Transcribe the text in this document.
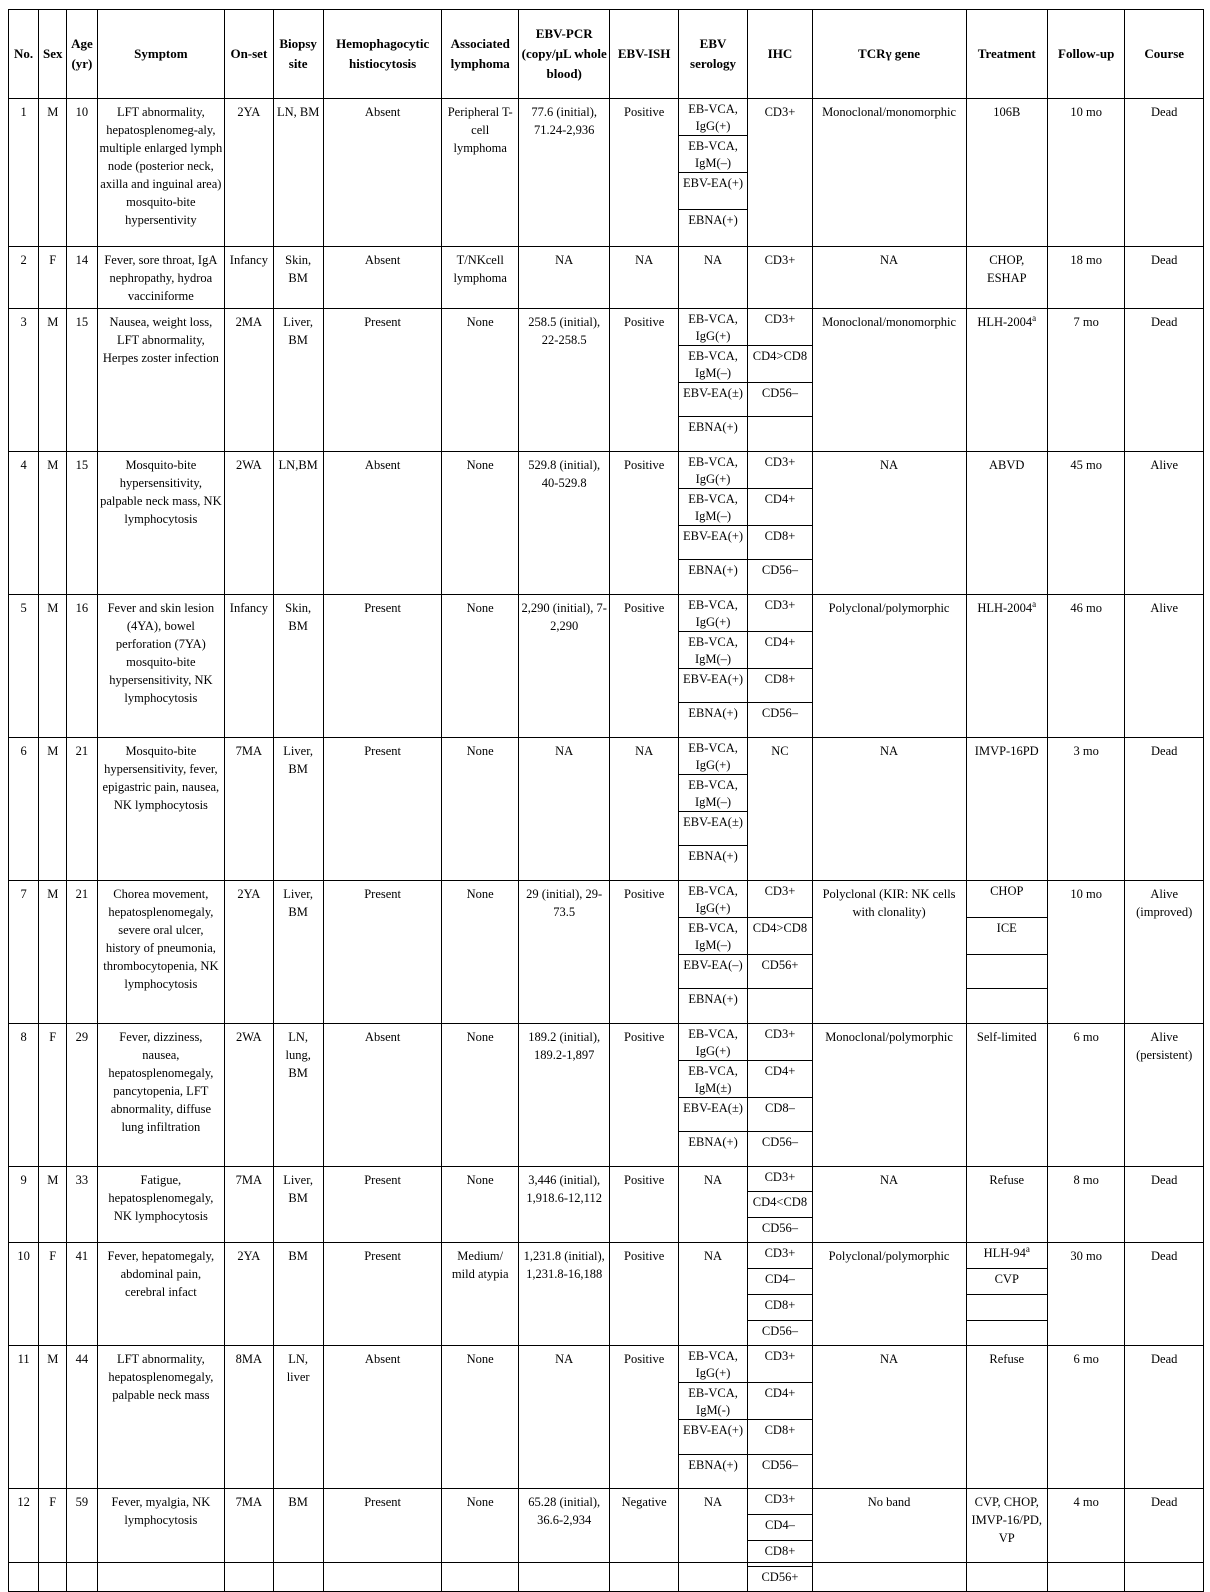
No.	Sex	Age (yr)	Symptom	On-set	Biopsy site	Hemophagocytic histiocytosis	Associated lymphoma	EBV-PCR (copy/µL whole blood)	EBV-ISH	EBV serology	IHC	TCRγ gene	Treatment	Follow-up	Course
1	M	10	LFT abnormality, hepatosplenomeg-aly, multiple enlarged lymph node (posterior neck, axilla and inguinal area) mosquito-bite hypersentivity	2YA	LN, BM	Absent	Peripheral T-cell lymphoma	77.6 (initial), 71.24-2,936	Positive	EB-VCA, IgG(+)	CD3+	Monoclonal/monomorphic	106B	10 mo	Dead
										EB-VCA, IgM(–)					
										EBV-EA(+)					
										EBNA(+)					
2	F	14	Fever, sore throat, IgA nephropathy, hydroa vacciniforme	Infancy	Skin, BM	Absent	T/NKcell lymphoma	NA	NA	NA	CD3+	NA	CHOP, ESHAP	18 mo	Dead
3	M	15	Nausea, weight loss, LFT abnormality, Herpes zoster infection	2MA	Liver, BM	Present	None	258.5 (initial), 22-258.5	Positive	EB-VCA, IgG(+)	CD3+	Monoclonal/monomorphic	HLH-2004$^a$	7 mo	Dead
										EB-VCA, IgM(–)	CD4>CD8				
										EBV-EA(±)	CD56–				
										EBNA(+)					
4	M	15	Mosquito-bite hypersensitivity, palpable neck mass, NK lymphocytosis	2WA	LN,BM	Absent	None	529.8 (initial), 40-529.8	Positive	EB-VCA, IgG(+)	CD3+	NA	ABVD	45 mo	Alive
										EB-VCA, IgM(–)	CD4+				
										EBV-EA(+)	CD8+				
										EBNA(+)	CD56–				
5	M	16	Fever and skin lesion (4YA), bowel perforation (7YA) mosquito-bite hypersensitivity, NK lymphocytosis	Infancy	Skin, BM	Present	None	2,290 (initial), 7-2,290	Positive	EB-VCA, IgG(+)	CD3+	Polyclonal/polymorphic	HLH-2004$^a$	46 mo	Alive
										EB-VCA, IgM(–)	CD4+				
										EBV-EA(+)	CD8+				
										EBNA(+)	CD56–				
6	M	21	Mosquito-bite hypersensitivity, fever, epigastric pain, nausea, NK lymphocytosis	7MA	Liver, BM	Present	None	NA	NA	EB-VCA, IgG(+)	NC	NA	IMVP-16PD	3 mo	Dead
										EB-VCA, IgM(–)					
										EBV-EA(±)					
										EBNA(+)					
7	M	21	Chorea movement, hepatosplenomegaly, severe oral ulcer, history of pneumonia, thrombocytopenia, NK lymphocytosis	2YA	Liver, BM	Present	None	29 (initial), 29-73.5	Positive	EB-VCA, IgG(+)	CD3+	Polyclonal (KIR: NK cells with clonality)	CHOP	10 mo	Alive (improved)
										EB-VCA, IgM(–)	CD4>CD8		ICE		
										EBV-EA(–)	CD56+				
										EBNA(+)					
8	F	29	Fever, dizziness, nausea, hepatosplenomegaly, pancytopenia, LFT abnormality, diffuse lung infiltration	2WA	LN, lung, BM	Absent	None	189.2 (initial), 189.2-1,897	Positive	EB-VCA, IgG(+)	CD3+	Monoclonal/polymorphic	Self-limited	6 mo	Alive (persistent)
										EB-VCA, IgM(±)	CD4+				
										EBV-EA(±)	CD8–				
										EBNA(+)	CD56–				
9	M	33	Fatigue, hepatosplenomegaly, NK lymphocytosis	7MA	Liver, BM	Present	None	3,446 (initial), 1,918.6-12,112	Positive	NA	CD3+	NA	Refuse	8 mo	Dead
											CD4<CD8				
											CD56–				
10	F	41	Fever, hepatomegaly, abdominal pain, cerebral infact	2YA	BM	Present	Medium/ mild atypia	1,231.8 (initial), 1,231.8-16,188	Positive	NA	CD3+	Polyclonal/polymorphic	HLH-94$^a$	30 mo	Dead
											CD4–		CVP		
											CD8+				
											CD56–				
11	M	44	LFT abnormality, hepatosplenomegaly, palpable neck mass	8MA	LN, liver	Absent	None	NA	Positive	EB-VCA, IgG(+)	CD3+	NA	Refuse	6 mo	Dead
										EB-VCA, IgM(-)	CD4+				
										EBV-EA(+)	CD8+				
										EBNA(+)	CD56–				
12	F	59	Fever, myalgia, NK lymphocytosis	7MA	BM	Present	None	65.28 (initial), 36.6-2,934	Negative	NA	CD3+	No band	CVP, CHOP, IMVP-16/PD, VP	4 mo	Dead
											CD4–				
											CD8+				
											CD56+				
